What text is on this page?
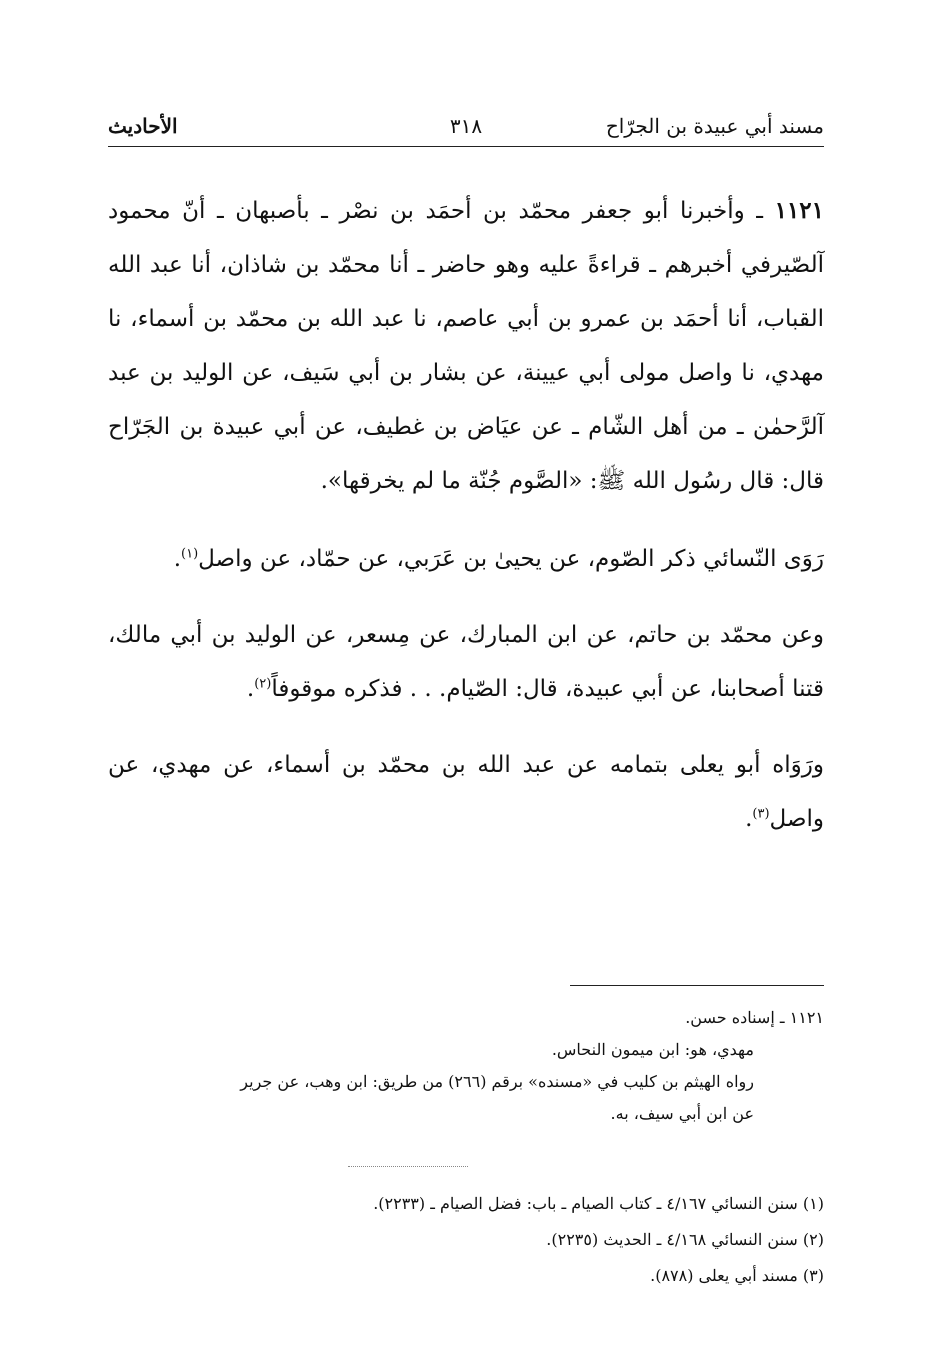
مسند أبي عبيدة بن الجرّاح
٣١٨
الأحاديث

١١٢١ ـ وأخبرنا أبو جعفر محمّد بن أحمَد بن نصْر ـ بأصبهان ـ أنّ محمود آلصّيرفي أخبرهم ـ قراءةً عليه وهو حاضر ـ أنا محمّد بن شاذان، أنا عبد الله القباب، أنا أحمَد بن عمرو بن أبي عاصم، نا عبد الله بن محمّد بن أسماء، نا مهدي، نا واصل مولى أبي عيينة، عن بشار بن أبي سَيف، عن الوليد بن عبد آلرَّحمٰن ـ من أهل الشّام ـ عن عيَاض بن غطيف، عن أبي عبيدة بن الجَرّاح قال: قال رسُول الله ﷺ: «الصَّوم جُنّة ما لم يخرقها».

رَوَى النّسائي ذكر الصّوم، عن يحيىٰ بن عَرَبي، عن حمّاد، عن واصل$^{(١)}$.

وعن محمّد بن حاتم، عن ابن المبارك، عن مِسعر، عن الوليد بن أبي مالك، قتنا أصحابنا، عن أبي عبيدة، قال: الصّيام. . . فذكره موقوفاً$^{(٢)}$.

ورَوَاه أبو يعلى بتمامه عن عبد الله بن محمّد بن أسماء، عن مهدي، عن واصل$^{(٣)}$.

١١٢١ ـ إسناده حسن.
مهدي، هو: ابن ميمون النحاس.
رواه الهيثم بن كليب في «مسنده» برقم (٢٦٦) من طريق: ابن وهب، عن جرير
عن ابن أبي سيف، به.
(١) سنن النسائي ٤/١٦٧ ـ كتاب الصيام ـ باب: فضل الصيام ـ (٢٢٣٣).
(٢) سنن النسائي ٤/١٦٨ ـ الحديث (٢٢٣٥).
(٣) مسند أبي يعلى (٨٧٨).
